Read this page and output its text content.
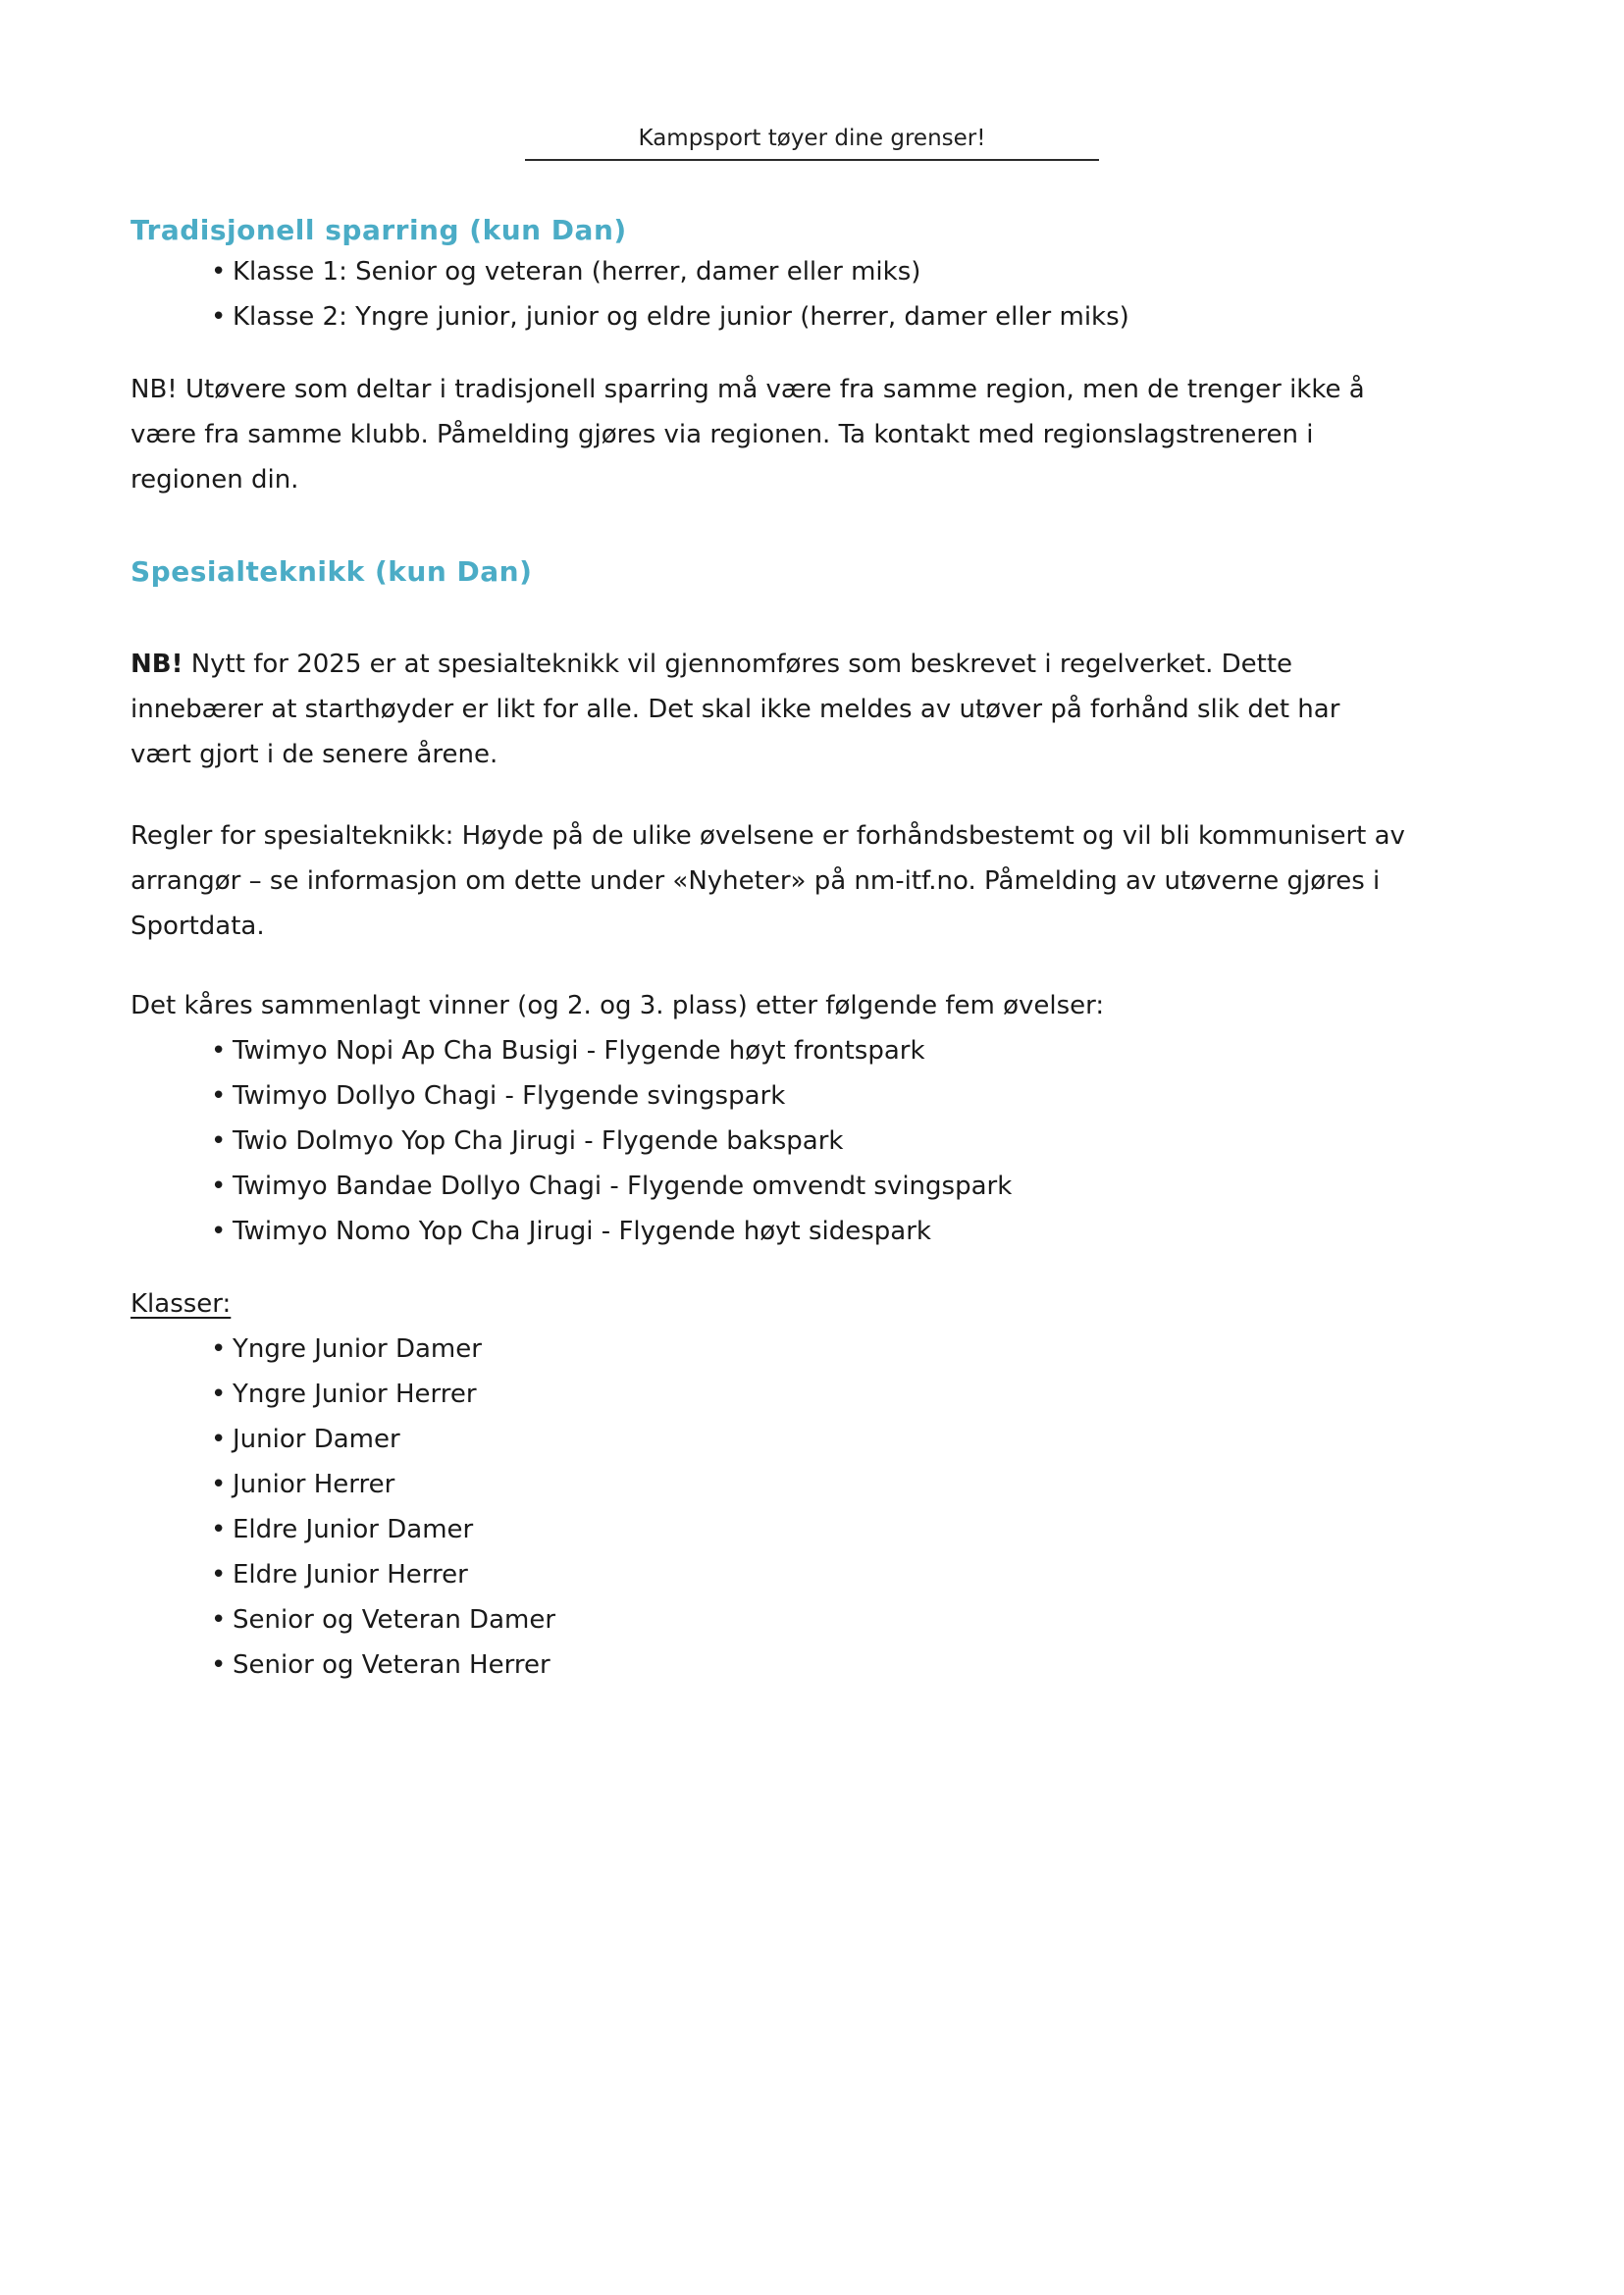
Kampsport tøyer dine grenser!
Tradisjonell sparring (kun Dan)
• Klasse 1: Senior og veteran (herrer, damer eller miks)
• Klasse 2: Yngre junior, junior og eldre junior (herrer, damer eller miks)

NB! Utøvere som deltar i tradisjonell sparring må være fra samme region, men de trenger ikke å
være fra samme klubb. Påmelding gjøres via regionen. Ta kontakt med regionslagstreneren i
regionen din.

Spesialteknikk (kun Dan)

NB! Nytt for 2025 er at spesialteknikk vil gjennomføres som beskrevet i regelverket. Dette
innebærer at starthøyder er likt for alle. Det skal ikke meldes av utøver på forhånd slik det har
vært gjort i de senere årene.

Regler for spesialteknikk: Høyde på de ulike øvelsene er forhåndsbestemt og vil bli kommunisert av
arrangør – se informasjon om dette under «Nyheter» på nm-itf.no. Påmelding av utøverne gjøres i
Sportdata.

Det kåres sammenlagt vinner (og 2. og 3. plass) etter følgende fem øvelser:

• Twimyo Nopi Ap Cha Busigi - Flygende høyt frontspark
• Twimyo Dollyo Chagi - Flygende svingspark
• Twio Dolmyo Yop Cha Jirugi - Flygende bakspark
• Twimyo Bandae Dollyo Chagi - Flygende omvendt svingspark
• Twimyo Nomo Yop Cha Jirugi - Flygende høyt sidespark

Klasser:

• Yngre Junior Damer
• Yngre Junior Herrer
• Junior Damer
• Junior Herrer
• Eldre Junior Damer
• Eldre Junior Herrer
• Senior og Veteran Damer
• Senior og Veteran Herrer
